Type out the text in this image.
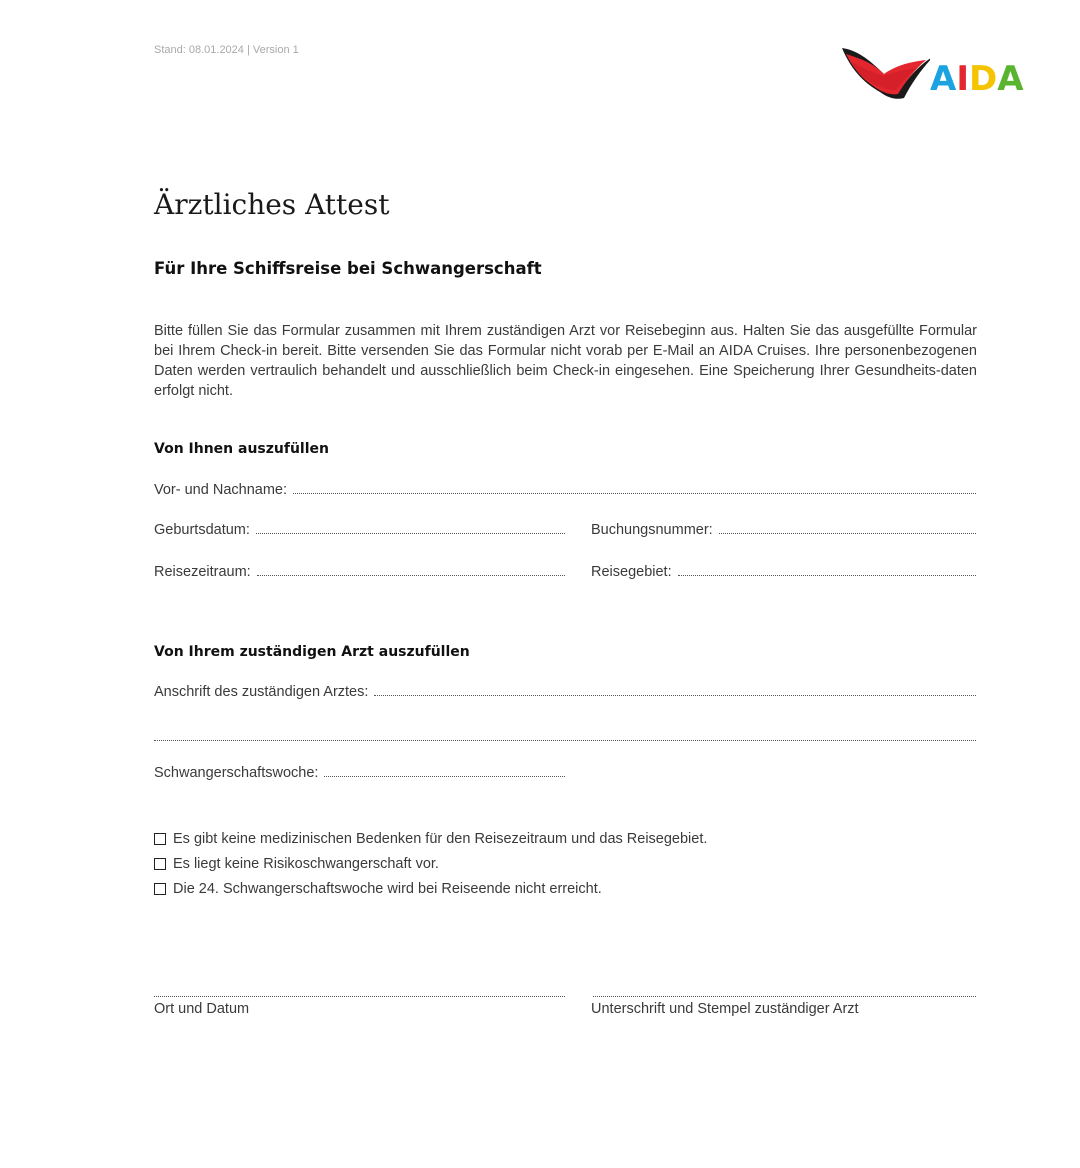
Stand: 08.01.2024 | Version 1
AIDA
Ärztliches Attest
Für Ihre Schiffsreise bei Schwangerschaft

Bitte füllen Sie das Formular zusammen mit Ihrem zuständigen Arzt vor Reisebeginn aus. Halten Sie das ausgefüllte Formular bei Ihrem Check-in bereit. Bitte versenden Sie das Formular nicht vorab per E-Mail an AIDA Cruises. Ihre personenbezogenen Daten werden vertraulich behandelt und ausschließlich beim Check-in eingesehen. Eine Speicherung Ihrer Gesundheits-daten erfolgt nicht.

Von Ihnen auszufüllen
Vor- und Nachname:
Geburtsdatum:	Buchungsnummer:
Reisezeitraum:	Reisegebiet:
Von Ihrem zuständigen Arzt auszufüllen
Anschrift des zuständigen Arztes:
Schwangerschaftswoche:
Es gibt keine medizinischen Bedenken für den Reisezeitraum und das Reisegebiet.
Es liegt keine Risikoschwangerschaft vor.
Die 24. Schwangerschaftswoche wird bei Reiseende nicht erreicht.
Ort und Datum	Unterschrift und Stempel zuständiger Arzt
